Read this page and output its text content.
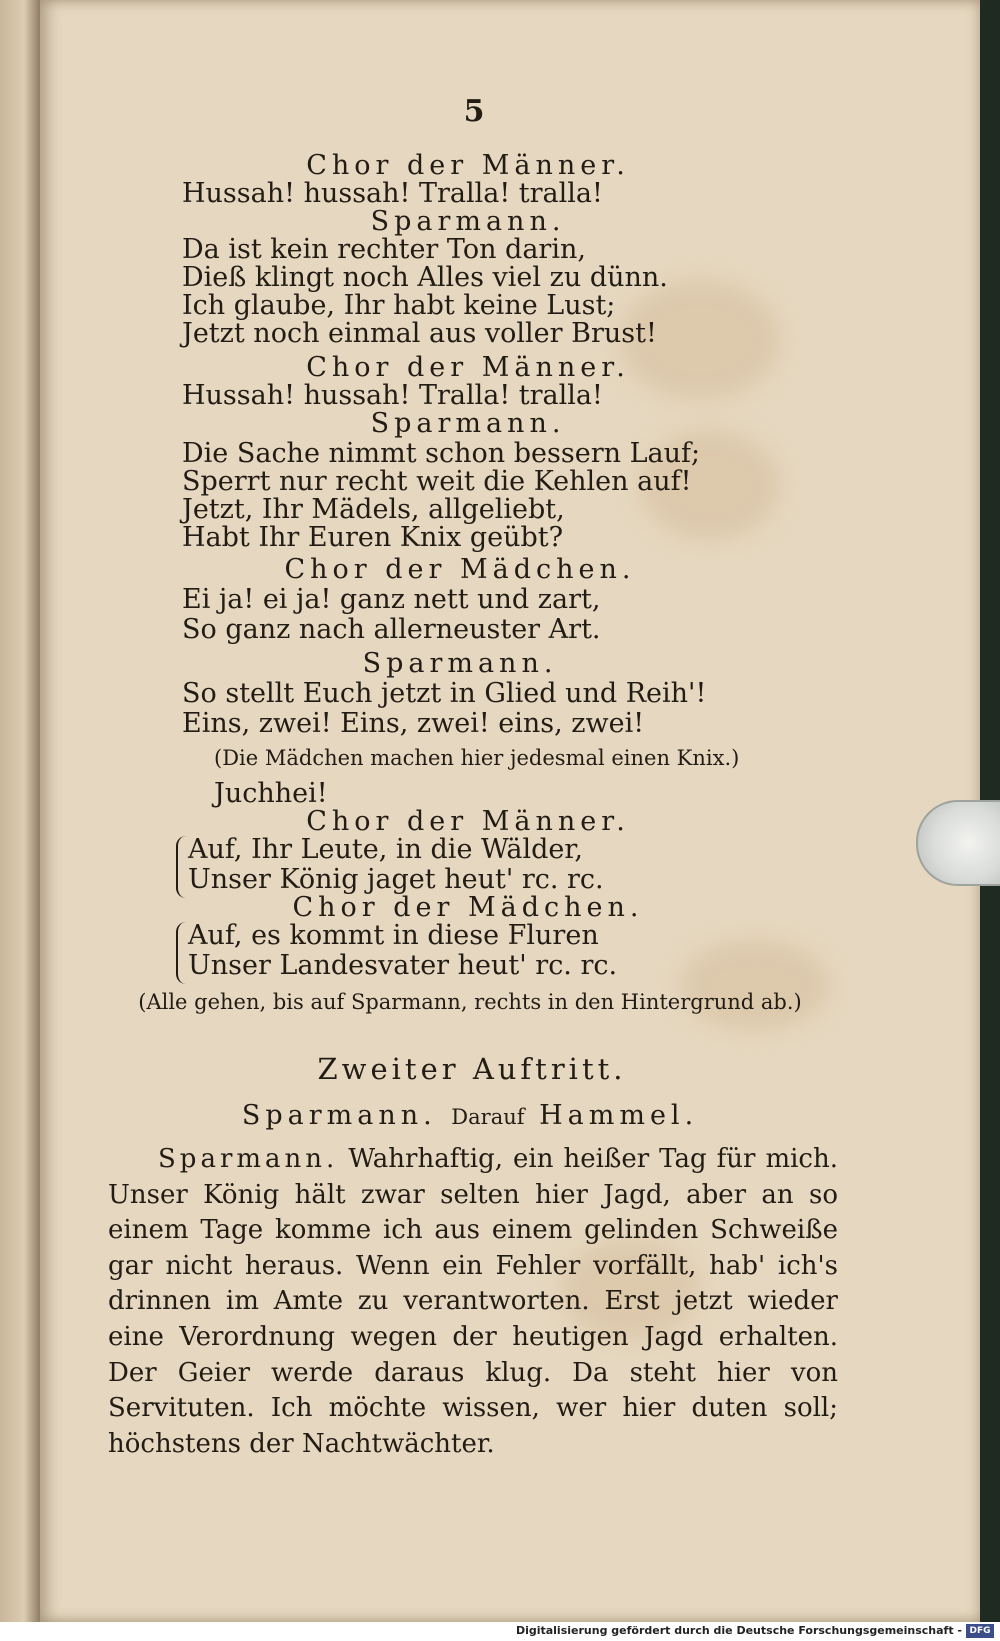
5
Chor der Männer.
Hussah! hussah! Tralla! tralla!
Sparmann.
Da ist kein rechter Ton darin,
Dieß klingt noch Alles viel zu dünn.
Ich glaube, Ihr habt keine Lust;
Jetzt noch einmal aus voller Brust!
Chor der Männer.
Hussah! hussah! Tralla! tralla!
Sparmann.
Die Sache nimmt schon bessern Lauf;
Sperrt nur recht weit die Kehlen auf!
Jetzt, Ihr Mädels, allgeliebt,
Habt Ihr Euren Knix geübt?
Chor der Mädchen.
Ei ja! ei ja! ganz nett und zart,
So ganz nach allerneuster Art.
Sparmann.
So stellt Euch jetzt in Glied und Reih'!
Eins, zwei! Eins, zwei! eins, zwei!
(Die Mädchen machen hier jedesmal einen Knix.)
Juchhei!
Chor der Männer.
Auf, Ihr Leute, in die Wälder,
Unser König jaget heut' rc. rc.
Chor der Mädchen.
Auf, es kommt in diese Fluren
Unser Landesvater heut' rc. rc.
(Alle gehen, bis auf Sparmann, rechts in den Hintergrund ab.)
Zweiter Auftritt.
Sparmann. Darauf Hammel.
Sparmann. Wahrhaftig, ein heißer Tag für mich. Unser König hält zwar selten hier Jagd, aber an so einem Tage komme ich aus einem gelinden Schweiße gar nicht heraus. Wenn ein Fehler vorfällt, hab' ich's drinnen im Amte zu verantworten. Erst jetzt wieder eine Verordnung wegen der heutigen Jagd erhalten. Der Geier werde daraus klug. Da steht hier von Servituten. Ich möchte wissen, wer hier duten soll; höchstens der Nachtwächter.
Digitalisierung gefördert durch die Deutsche Forschungsgemeinschaft - DFG
